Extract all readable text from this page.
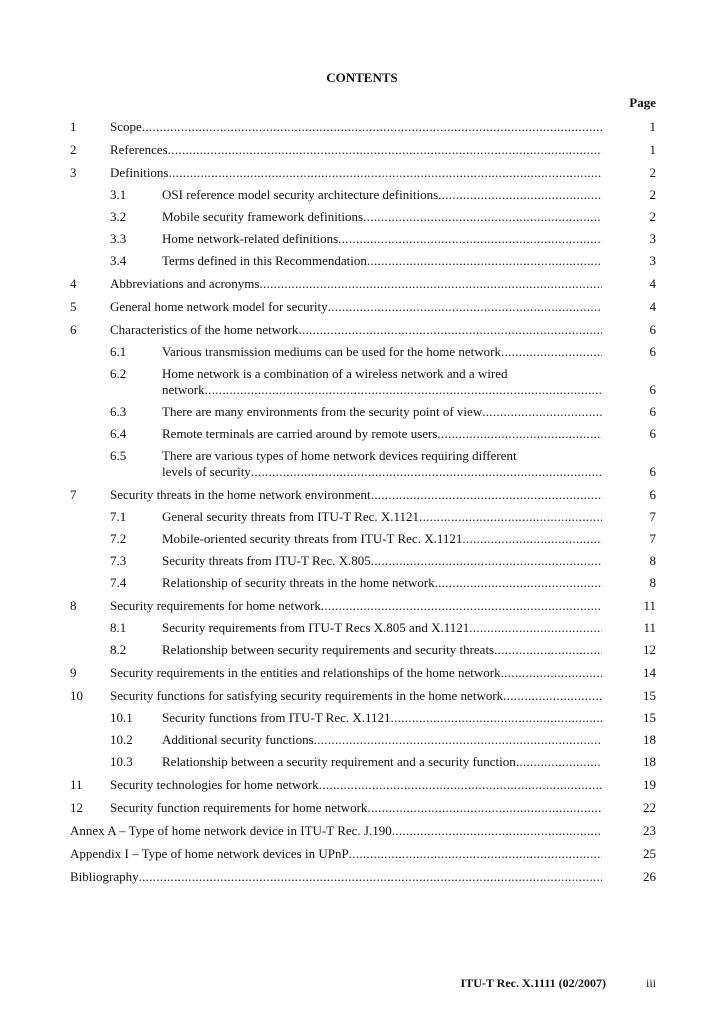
CONTENTS
Page
1	Scope .....	1
2	References .....	1
3	Definitions .....	2
3.1	OSI reference model security architecture definitions .....	2
3.2	Mobile security framework definitions .....	2
3.3	Home network-related definitions .....	3
3.4	Terms defined in this Recommendation .....	3
4	Abbreviations and acronyms .....	4
5	General home network model for security .....	4
6	Characteristics of the home network .....	6
6.1	Various transmission mediums can be used for the home network .....	6
6.2	Home network is a combination of a wireless network and a wired
network .....	6
6.3	There are many environments from the security point of view .....	6
6.4	Remote terminals are carried around by remote users .....	6
6.5	There are various types of home network devices requiring different
levels of security .....	6
7	Security threats in the home network environment .....	6
7.1	General security threats from ITU-T Rec. X.1121 .....	7
7.2	Mobile-oriented security threats from ITU-T Rec. X.1121 .....	7
7.3	Security threats from ITU-T Rec. X.805 .....	8
7.4	Relationship of security threats in the home network .....	8
8	Security requirements for home network .....	11
8.1	Security requirements from ITU-T Recs X.805 and X.1121 .....	11
8.2	Relationship between security requirements and security threats .....	12
9	Security requirements in the entities and relationships of the home network .....	14
10 Security functions for satisfying security requirements in the home network .....	15
10.1 Security functions from ITU-T Rec. X.1121 .....	15
10.2 Additional security functions .....	18
10.3 Relationship between a security requirement and a security function .....	18
11 Security technologies for home network .....	19
12 Security function requirements for home network .....	22
Annex A – Type of home network device in ITU-T Rec. J.190 .....	23
Appendix I – Type of home network devices in UPnP .....	25
Bibliography .....	26
ITU-T Rec. X.1111 (02/2007)	iii
